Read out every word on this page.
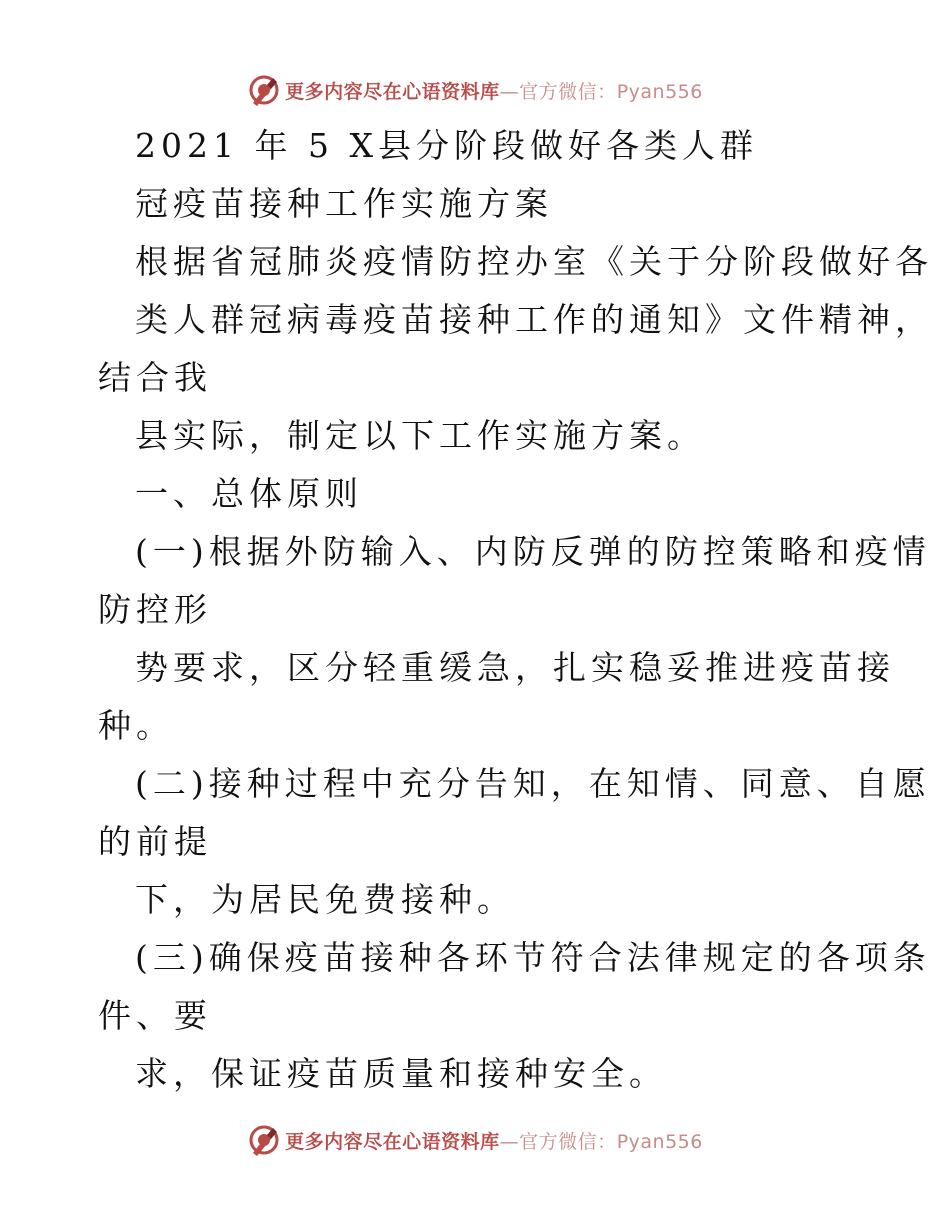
更多内容尽在心语资料库—官方微信：Pyan556
2021 年 5 X县分阶段做好各类人群
冠疫苗接种工作实施方案
根据省冠肺炎疫情防控办室《关于分阶段做好各
类人群冠病毒疫苗接种工作的通知》文件精神，
结合我
县实际，制定以下工作实施方案。
一、总体原则
(一)根据外防输入、内防反弹的防控策略和疫情
防控形
势要求，区分轻重缓急，扎实稳妥推进疫苗接
种。
(二)接种过程中充分告知，在知情、同意、自愿
的前提
下，为居民免费接种。
(三)确保疫苗接种各环节符合法律规定的各项条
件、要
求，保证疫苗质量和接种安全。
更多内容尽在心语资料库—官方微信：Pyan556
